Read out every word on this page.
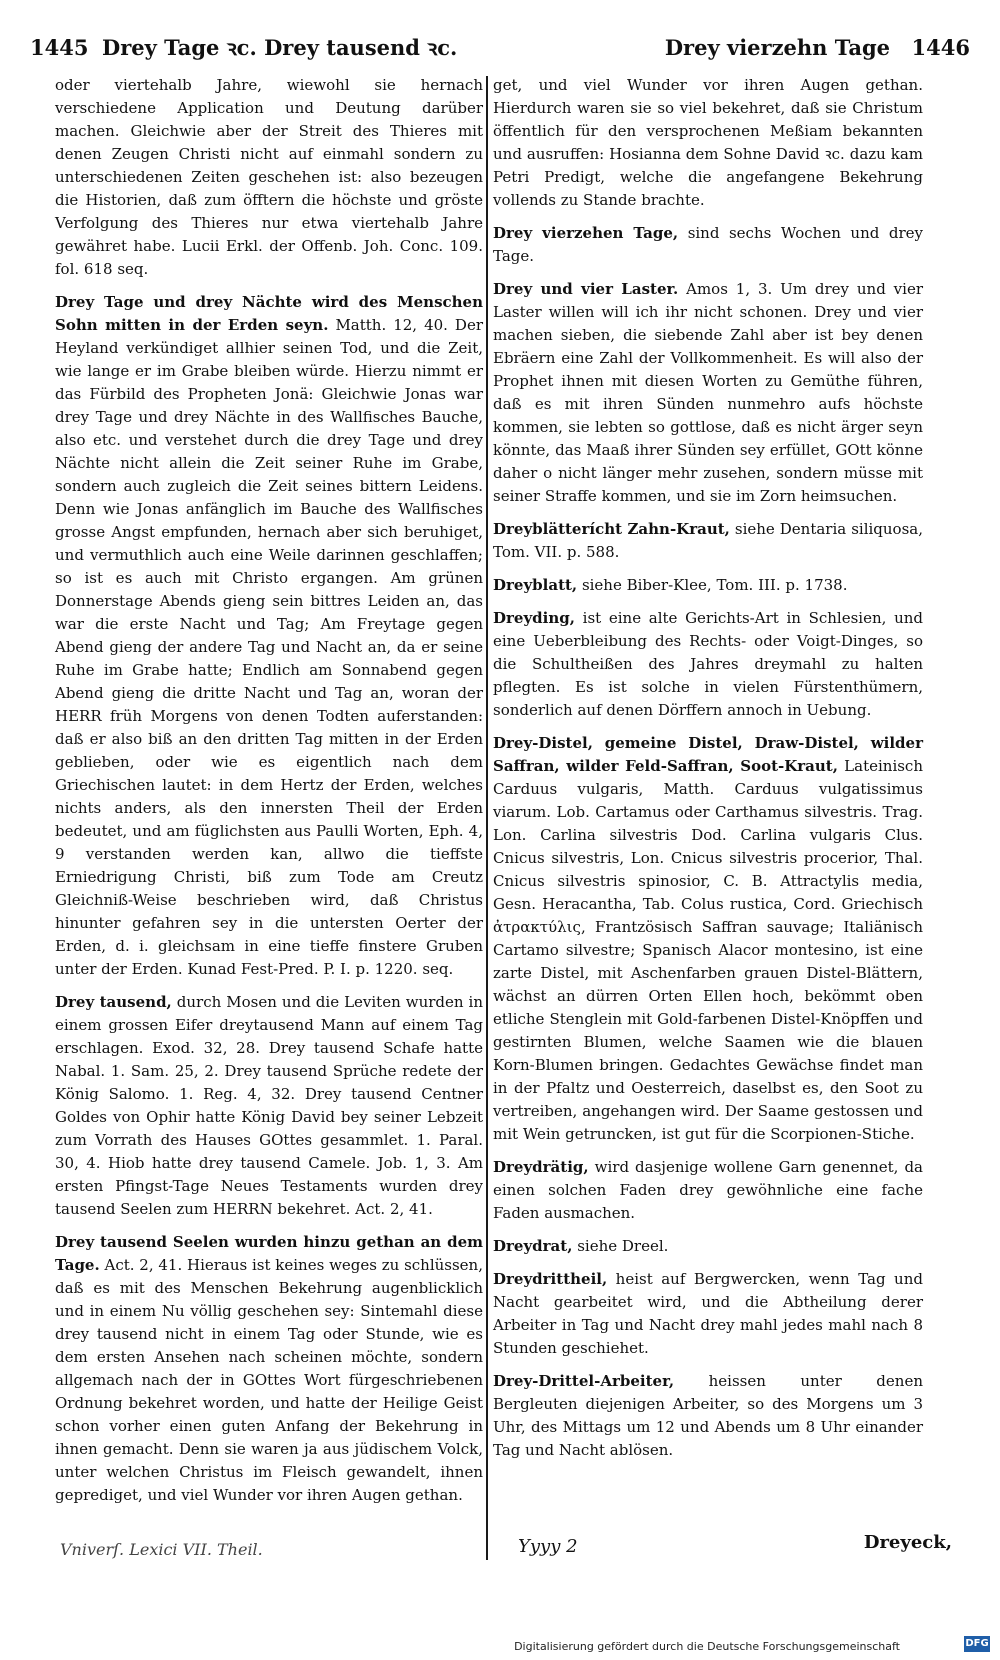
1445 Drey Tage ꝛc. Drey tausend ꝛc.	Drey vierzehn Tage 1446

oder viertehalb Jahre, wiewohl sie hernach verschiedene Application und Deutung darüber machen. Gleichwie aber der Streit des Thieres mit denen Zeugen Christi nicht auf einmahl sondern zu unterschiedenen Zeiten geschehen ist: also bezeugen die Historien, daß zum öfftern die höchste und gröste Verfolgung des Thieres nur etwa viertehalb Jahre gewähret habe. Lucii Erkl. der Offenb. Joh. Conc. 109. fol. 618 seq.

Drey Tage und drey Nächte wird des Menschen Sohn mitten in der Erden seyn. Matth. 12, 40. Der Heyland verkündiget allhier seinen Tod, und die Zeit, wie lange er im Grabe bleiben würde. Hierzu nimmt er das Fürbild des Propheten Jonä: Gleichwie Jonas war drey Tage und drey Nächte in des Wallfisches Bauche, also etc. und verstehet durch die drey Tage und drey Nächte nicht allein die Zeit seiner Ruhe im Grabe, sondern auch zugleich die Zeit seines bittern Leidens. Denn wie Jonas anfänglich im Bauche des Wallfisches grosse Angst empfunden, hernach aber sich beruhiget, und vermuthlich auch eine Weile darinnen geschlaffen; so ist es auch mit Christo ergangen. Am grünen Donnerstage Abends gieng sein bittres Leiden an, das war die erste Nacht und Tag; Am Freytage gegen Abend gieng der andere Tag und Nacht an, da er seine Ruhe im Grabe hatte; Endlich am Sonnabend gegen Abend gieng die dritte Nacht und Tag an, woran der HERR früh Morgens von denen Todten auferstanden: daß er also biß an den dritten Tag mitten in der Erden geblieben, oder wie es eigentlich nach dem Griechischen lautet: in dem Hertz der Erden, welches nichts anders, als den innersten Theil der Erden bedeutet, und am füglichsten aus Paulli Worten, Eph. 4, 9 verstanden werden kan, allwo die tieffste Erniedrigung Christi, biß zum Tode am Creutz Gleichniß-Weise beschrieben wird, daß Christus hinunter gefahren sey in die untersten Oerter der Erden, d. i. gleichsam in eine tieffe finstere Gruben unter der Erden. Kunad Fest-Pred. P. I. p. 1220. seq.

Drey tausend, durch Mosen und die Leviten wurden in einem grossen Eifer dreytausend Mann auf einem Tag erschlagen. Exod. 32, 28. Drey tausend Schafe hatte Nabal. 1. Sam. 25, 2. Drey tausend Sprüche redete der König Salomo. 1. Reg. 4, 32. Drey tausend Centner Goldes von Ophir hatte König David bey seiner Lebzeit zum Vorrath des Hauses GOttes gesammlet. 1. Paral. 30, 4. Hiob hatte drey tausend Camele. Job. 1, 3. Am ersten Pfingst-Tage Neues Testaments wurden drey tausend Seelen zum HERRN bekehret. Act. 2, 41.

Drey tausend Seelen wurden hinzu gethan an dem Tage. Act. 2, 41. Hieraus ist keines weges zu schlüssen, daß es mit des Menschen Bekehrung augenblicklich und in einem Nu völlig geschehen sey: Sintemahl diese drey tausend nicht in einem Tag oder Stunde, wie es dem ersten Ansehen nach scheinen möchte, sondern allgemach nach der in GOttes Wort fürgeschriebenen Ordnung bekehret worden, und hatte der Heilige Geist schon vorher einen guten Anfang der Bekehrung in ihnen gemacht. Denn sie waren ja aus jüdischem Volck, unter welchen Christus im Fleisch gewandelt, ihnen geprediget, und viel Wunder vor ihren Augen gethan.

get, und viel Wunder vor ihren Augen gethan. Hierdurch waren sie so viel bekehret, daß sie Christum öffentlich für den versprochenen Meßiam bekannten und ausruffen: Hosianna dem Sohne David ꝛc. dazu kam Petri Predigt, welche die angefangene Bekehrung vollends zu Stande brachte.

Drey vierzehen Tage, sind sechs Wochen und drey Tage.

Drey und vier Laster. Amos 1, 3. Um drey und vier Laster willen will ich ihr nicht schonen. Drey und vier machen sieben, die siebende Zahl aber ist bey denen Ebräern eine Zahl der Vollkommenheit. Es will also der Prophet ihnen mit diesen Worten zu Gemüthe führen, daß es mit ihren Sünden nunmehro aufs höchste kommen, sie lebten so gottlose, daß es nicht ärger seyn könnte, das Maaß ihrer Sünden sey erfüllet, GOtt könne daher o nicht länger mehr zusehen, sondern müsse mit seiner Straffe kommen, und sie im Zorn heimsuchen.

Dreyblätterícht Zahn-Kraut, siehe Dentaria siliquosa, Tom. VII. p. 588.

Dreyblatt, siehe Biber-Klee, Tom. III. p. 1738.

Dreyding, ist eine alte Gerichts-Art in Schlesien, und eine Ueberbleibung des Rechts- oder Voigt-Dinges, so die Schultheißen des Jahres dreymahl zu halten pflegten. Es ist solche in vielen Fürstenthümern, sonderlich auf denen Dörffern annoch in Uebung.

Drey-Distel, gemeine Distel, Draw-Distel, wilder Saffran, wilder Feld-Saffran, Soot-Kraut, Lateinisch Carduus vulgaris, Matth. Carduus vulgatissimus viarum. Lob. Cartamus oder Carthamus silvestris. Trag. Lon. Carlina silvestris Dod. Carlina vulgaris Clus. Cnicus silvestris, Lon. Cnicus silvestris procerior, Thal. Cnicus silvestris spinosior, C. B. Attractylis media, Gesn. Heracantha, Tab. Colus rustica, Cord. Griechisch ἀτρακτύλις, Frantzösisch Saffran sauvage; Italiänisch Cartamo silvestre; Spanisch Alacor montesino, ist eine zarte Distel, mit Aschenfarben grauen Distel-Blättern, wächst an dürren Orten Ellen hoch, bekömmt oben etliche Stenglein mit Gold-farbenen Distel-Knöpffen und gestirnten Blumen, welche Saamen wie die blauen Korn-Blumen bringen. Gedachtes Gewächse findet man in der Pfaltz und Oesterreich, daselbst es, den Soot zu vertreiben, angehangen wird. Der Saame gestossen und mit Wein getruncken, ist gut für die Scorpionen-Stiche.

Dreydrätig, wird dasjenige wollene Garn genennet, da einen solchen Faden drey gewöhnliche eine fache Faden ausmachen.

Dreydrat, siehe Dreel.

Dreydrittheil, heist auf Bergwercken, wenn Tag und Nacht gearbeitet wird, und die Abtheilung derer Arbeiter in Tag und Nacht drey mahl jedes mahl nach 8 Stunden geschiehet.

Drey-Drittel-Arbeiter, heissen unter denen Bergleuten diejenigen Arbeiter, so des Morgens um 3 Uhr, des Mittags um 12 und Abends um 8 Uhr einander Tag und Nacht ablösen.

Yyyy 2	Dreyeck,
Vniverſ. Lexici VII. Theil.
Digitalisierung gefördert durch die Deutsche Forschungsgemeinschaft	DFG
